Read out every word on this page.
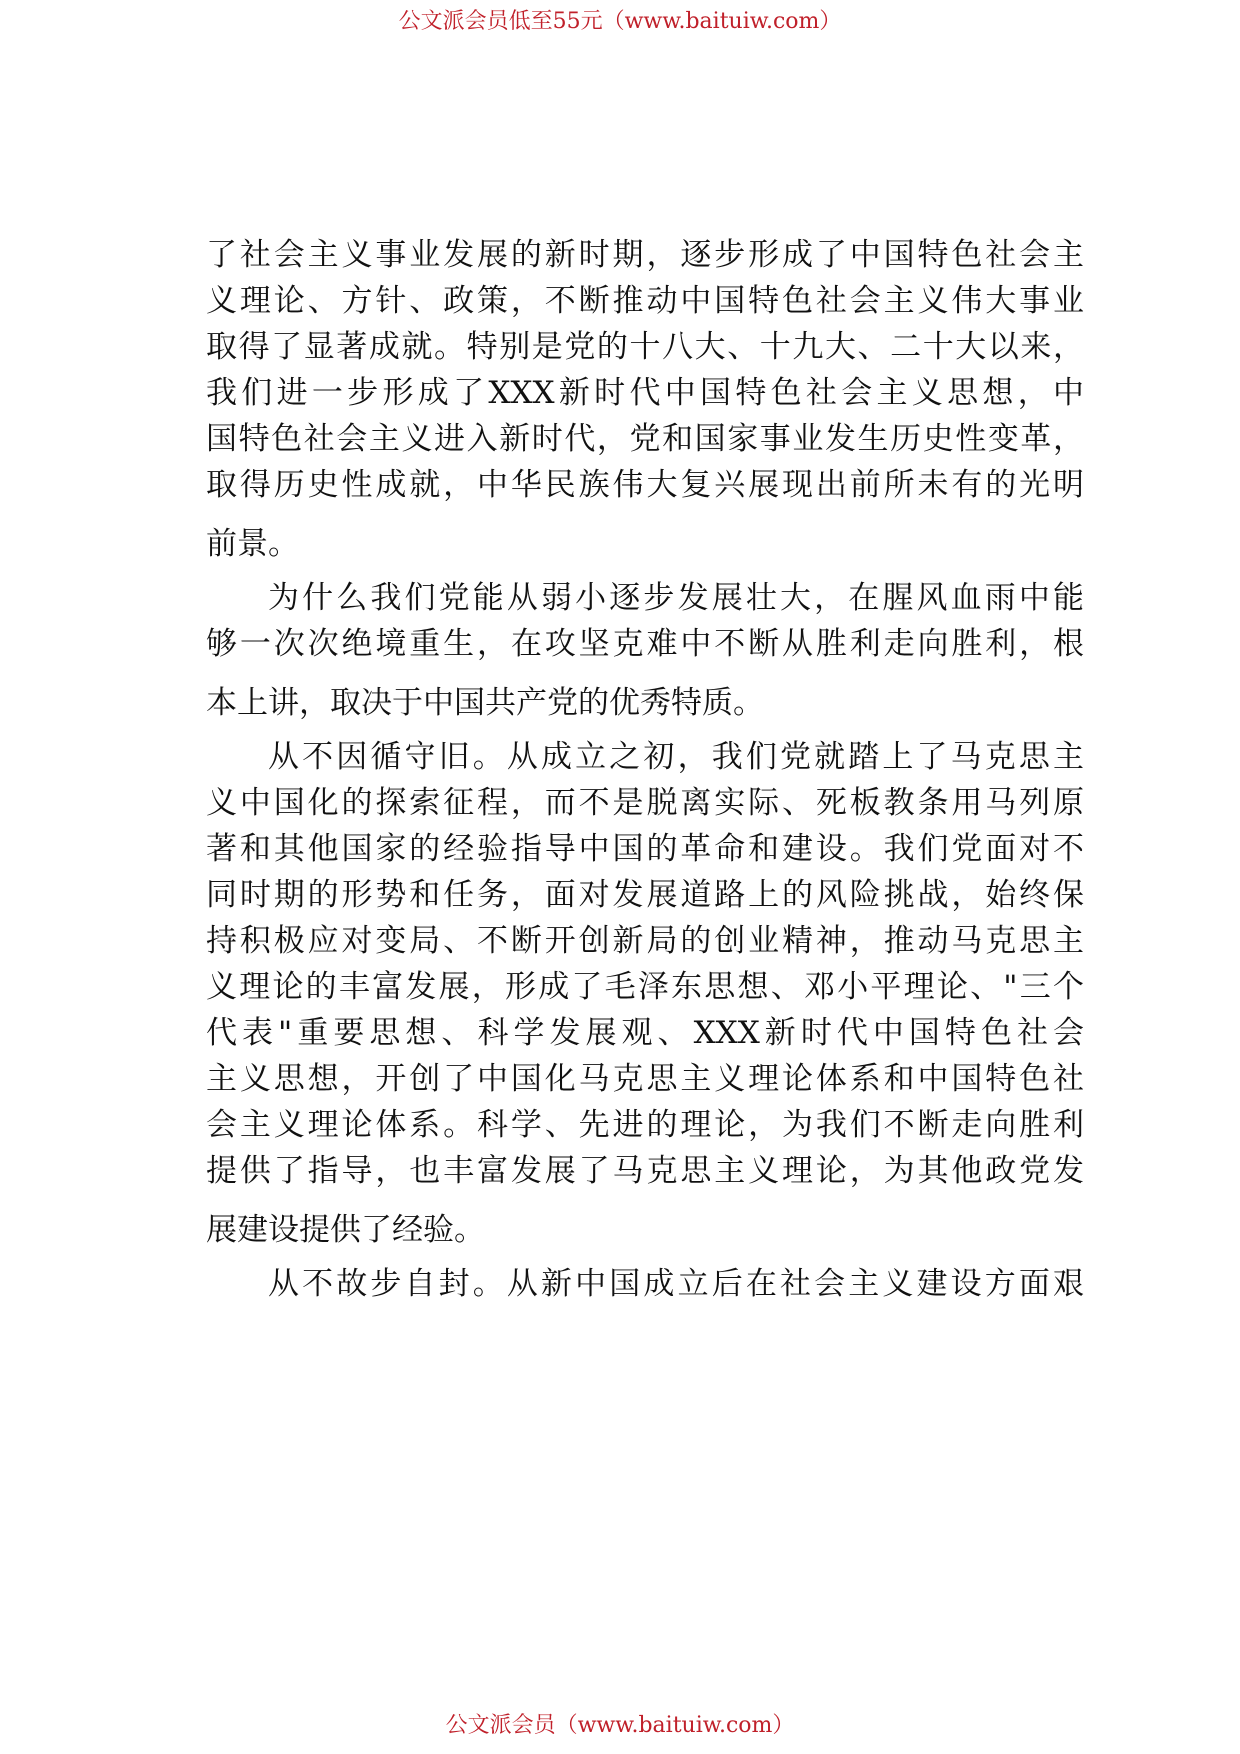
公文派会员低至55元（www.baituiw.com）
了社会主义事业发展的新时期，逐步形成了中国特色社会主
义理论、方针、政策，不断推动中国特色社会主义伟大事业
取得了显著成就。特别是党的十八大、十九大、二十大以来，
我们进一步形成了XXX新时代中国特色社会主义思想，中
国特色社会主义进入新时代，党和国家事业发生历史性变革，
取得历史性成就，中华民族伟大复兴展现出前所未有的光明
前景。
为什么我们党能从弱小逐步发展壮大，在腥风血雨中能
够一次次绝境重生，在攻坚克难中不断从胜利走向胜利，根
本上讲，取决于中国共产党的优秀特质。
从不因循守旧。从成立之初，我们党就踏上了马克思主
义中国化的探索征程，而不是脱离实际、死板教条用马列原
著和其他国家的经验指导中国的革命和建设。我们党面对不
同时期的形势和任务，面对发展道路上的风险挑战，始终保
持积极应对变局、不断开创新局的创业精神，推动马克思主
义理论的丰富发展，形成了毛泽东思想、邓小平理论、"三个
代表"重要思想、科学发展观、XXX新时代中国特色社会
主义思想，开创了中国化马克思主义理论体系和中国特色社
会主义理论体系。科学、先进的理论，为我们不断走向胜利
提供了指导，也丰富发展了马克思主义理论，为其他政党发
展建设提供了经验。
从不故步自封。从新中国成立后在社会主义建设方面艰
公文派会员（www.baituiw.com）
